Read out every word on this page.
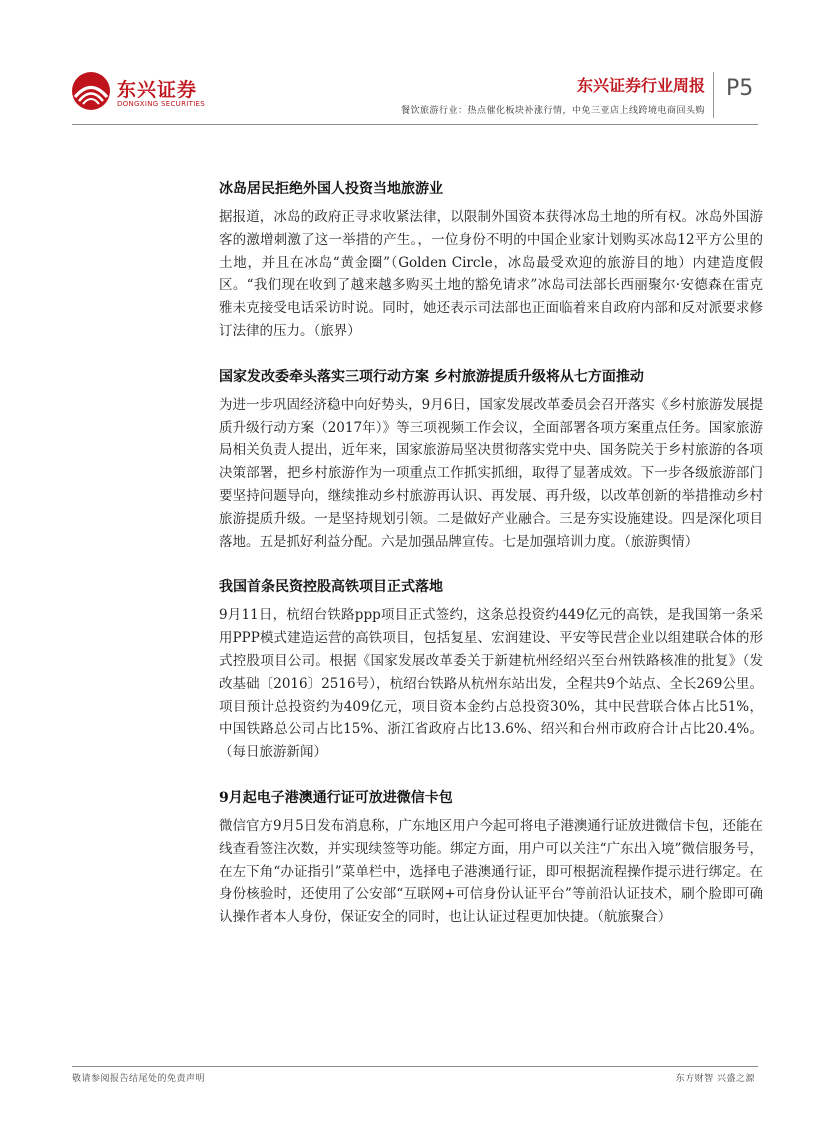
东兴证券
DONGXING SECURITIES
东兴证券行业周报
餐饮旅游行业：热点催化板块补涨行情，中免三亚店上线跨境电商回头购
P5
冰岛居民拒绝外国人投资当地旅游业

据报道，冰岛的政府正寻求收紧法律，以限制外国资本获得冰岛土地的所有权。冰岛外国游客的激增刺激了这一举措的产生。，一位身份不明的中国企业家计划购买冰岛12平方公里的土地，并且在冰岛“黄金圈”（Golden Circle，冰岛最受欢迎的旅游目的地）内建造度假区。“我们现在收到了越来越多购买土地的豁免请求”冰岛司法部长西丽聚尔·安德森在雷克雅未克接受电话采访时说。同时，她还表示司法部也正面临着来自政府内部和反对派要求修订法律的压力。（旅界）

国家发改委牵头落实三项行动方案 乡村旅游提质升级将从七方面推动

为进一步巩固经济稳中向好势头，9月6日，国家发展改革委员会召开落实《乡村旅游发展提质升级行动方案（2017年）》等三项视频工作会议，全面部署各项方案重点任务。国家旅游局相关负责人提出，近年来，国家旅游局坚决贯彻落实党中央、国务院关于乡村旅游的各项决策部署，把乡村旅游作为一项重点工作抓实抓细，取得了显著成效。下一步各级旅游部门要坚持问题导向，继续推动乡村旅游再认识、再发展、再升级，以改革创新的举措推动乡村旅游提质升级。一是坚持规划引领。二是做好产业融合。三是夯实设施建设。四是深化项目落地。五是抓好利益分配。六是加强品牌宣传。七是加强培训力度。（旅游舆情）

我国首条民资控股高铁项目正式落地

9月11日，杭绍台铁路ppp项目正式签约，这条总投资约449亿元的高铁，是我国第一条采用PPP模式建造运营的高铁项目，包括复星、宏润建设、平安等民营企业以组建联合体的形式控股项目公司。根据《国家发展改革委关于新建杭州经绍兴至台州铁路核准的批复》（发改基础〔2016〕2516号），杭绍台铁路从杭州东站出发，全程共9个站点、全长269公里。项目预计总投资约为409亿元，项目资本金约占总投资30%，其中民营联合体占比51%，中国铁路总公司占比15%、浙江省政府占比13.6%、绍兴和台州市政府合计占比20.4%。（每日旅游新闻）

9月起电子港澳通行证可放进微信卡包

微信官方9月5日发布消息称，广东地区用户今起可将电子港澳通行证放进微信卡包，还能在线查看签注次数，并实现续签等功能。绑定方面，用户可以关注“广东出入境”微信服务号，在左下角“办证指引”菜单栏中，选择电子港澳通行证，即可根据流程操作提示进行绑定。在身份核验时，还使用了公安部“互联网+可信身份认证平台”等前沿认证技术，刷个脸即可确认操作者本人身份，保证安全的同时，也让认证过程更加快捷。（航旅聚合）

敬请参阅报告结尾处的免责声明	东方财智 兴盛之源
